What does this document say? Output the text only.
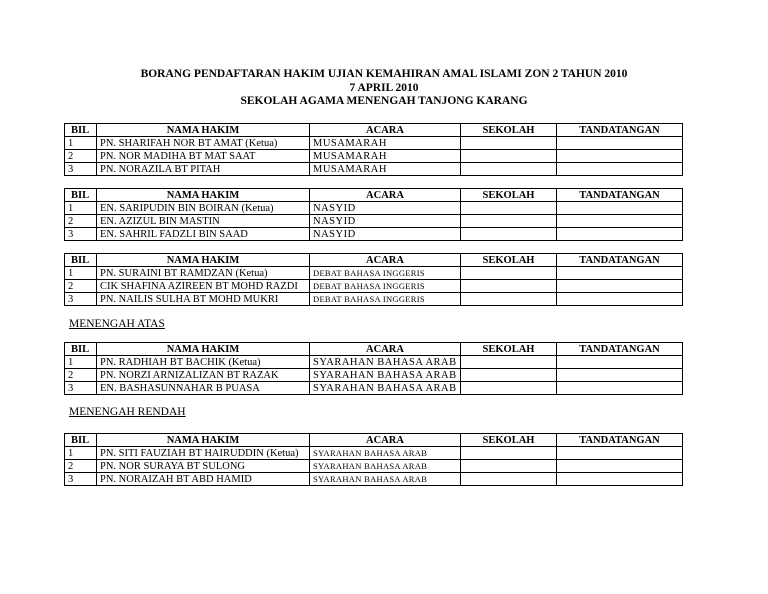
BORANG PENDAFTARAN HAKIM UJIAN KEMAHIRAN AMAL ISLAMI ZON 2 TAHUN 2010
7 APRIL 2010
SEKOLAH AGAMA MENENGAH TANJONG KARANG
BIL	NAMA HAKIM	ACARA	SEKOLAH	TANDATANGAN
1	PN. SHARIFAH NOR BT AMAT (Ketua)	MUSAMARAH		
2	PN. NOR MADIHA BT MAT SAAT	MUSAMARAH		
3	PN. NORAZILA BT PITAH	MUSAMARAH		
BIL	NAMA HAKIM	ACARA	SEKOLAH	TANDATANGAN
1	EN. SARIPUDIN BIN BOIRAN (Ketua)	NASYID		
2	EN. AZIZUL BIN MASTIN	NASYID		
3	EN. SAHRIL FADZLI BIN SAAD	NASYID		
BIL	NAMA HAKIM	ACARA	SEKOLAH	TANDATANGAN
1	PN. SURAINI BT RAMDZAN (Ketua)	DEBAT BAHASA INGGERIS		
2	CIK SHAFINA AZIREEN BT MOHD RAZDI	DEBAT BAHASA INGGERIS		
3	PN. NAILIS SULHA BT MOHD MUKRI	DEBAT BAHASA INGGERIS		
MENENGAH ATAS
BIL	NAMA HAKIM	ACARA	SEKOLAH	TANDATANGAN
1	PN. RADHIAH BT BACHIK (Ketua)	SYARAHAN BAHASA ARAB		
2	PN. NORZI ARNIZALIZAN BT RAZAK	SYARAHAN BAHASA ARAB		
3	EN. BASHASUNNAHAR B PUASA	SYARAHAN BAHASA ARAB		
MENENGAH RENDAH
BIL	NAMA HAKIM	ACARA	SEKOLAH	TANDATANGAN
1	PN. SITI FAUZIAH BT HAIRUDDIN (Ketua)	SYARAHAN BAHASA ARAB		
2	PN. NOR SURAYA BT SULONG	SYARAHAN BAHASA ARAB		
3	PN. NORAIZAH BT ABD HAMID	SYARAHAN BAHASA ARAB		
